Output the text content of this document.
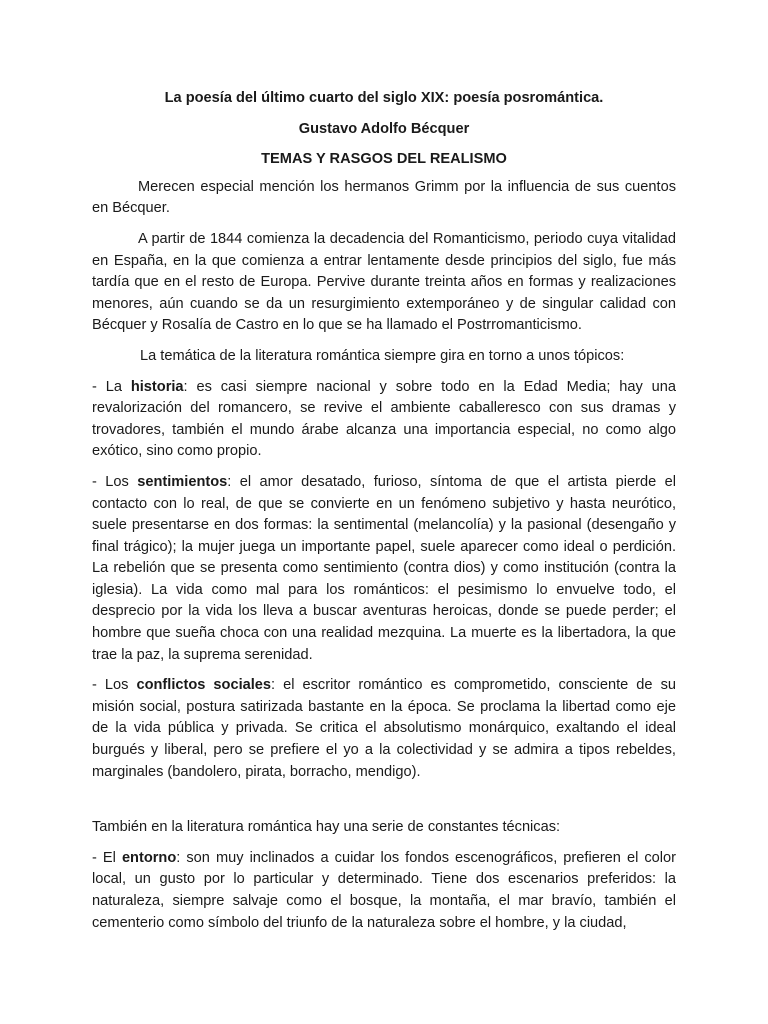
La poesía del último cuarto del siglo XIX: poesía posromántica.

Gustavo Adolfo Bécquer

TEMAS Y RASGOS DEL REALISMO

Merecen especial mención los hermanos Grimm por la influencia de sus cuentos en Bécquer.

A partir de 1844 comienza la decadencia del Romanticismo, periodo cuya vitalidad en España, en la que comienza a entrar lentamente desde principios del siglo, fue más tardía que en el resto de Europa. Pervive durante treinta años en formas y realizaciones menores, aún cuando se da un resurgimiento extemporáneo y de singular calidad con Bécquer y Rosalía de Castro en lo que se ha llamado el Postrromanticismo.

La temática de la literatura romántica siempre gira en torno a unos tópicos:

- La historia: es casi siempre nacional y sobre todo en la Edad Media; hay una revalorización del romancero, se revive el ambiente caballeresco con sus dramas y trovadores, también el mundo árabe alcanza una importancia especial, no como algo exótico, sino como propio.

- Los sentimientos: el amor desatado, furioso, síntoma de que el artista pierde el contacto con lo real, de que se convierte en un fenómeno subjetivo y hasta neurótico, suele presentarse en dos formas: la sentimental (melancolía) y la pasional (desengaño y final trágico); la mujer juega un importante papel, suele aparecer como ideal o perdición. La rebelión que se presenta como sentimiento (contra dios) y como institución (contra la iglesia). La vida como mal para los románticos: el pesimismo lo envuelve todo, el desprecio por la vida los lleva a buscar aventuras heroicas, donde se puede perder; el hombre que sueña choca con una realidad mezquina. La muerte es la libertadora, la que trae la paz, la suprema serenidad.

- Los conflictos sociales: el escritor romántico es comprometido, consciente de su misión social, postura satirizada bastante en la época. Se proclama la libertad como eje de la vida pública y privada. Se critica el absolutismo monárquico, exaltando el ideal burgués y liberal, pero se prefiere el yo a la colectividad y se admira a tipos rebeldes, marginales (bandolero, pirata, borracho, mendigo).

También en la literatura romántica hay una serie de constantes técnicas:

- El entorno: son muy inclinados a cuidar los fondos escenográficos, prefieren el color local, un gusto por lo particular y determinado. Tiene dos escenarios preferidos: la naturaleza, siempre salvaje como el bosque, la montaña, el mar bravío, también el cementerio como símbolo del triunfo de la naturaleza sobre el hombre, y la ciudad,
